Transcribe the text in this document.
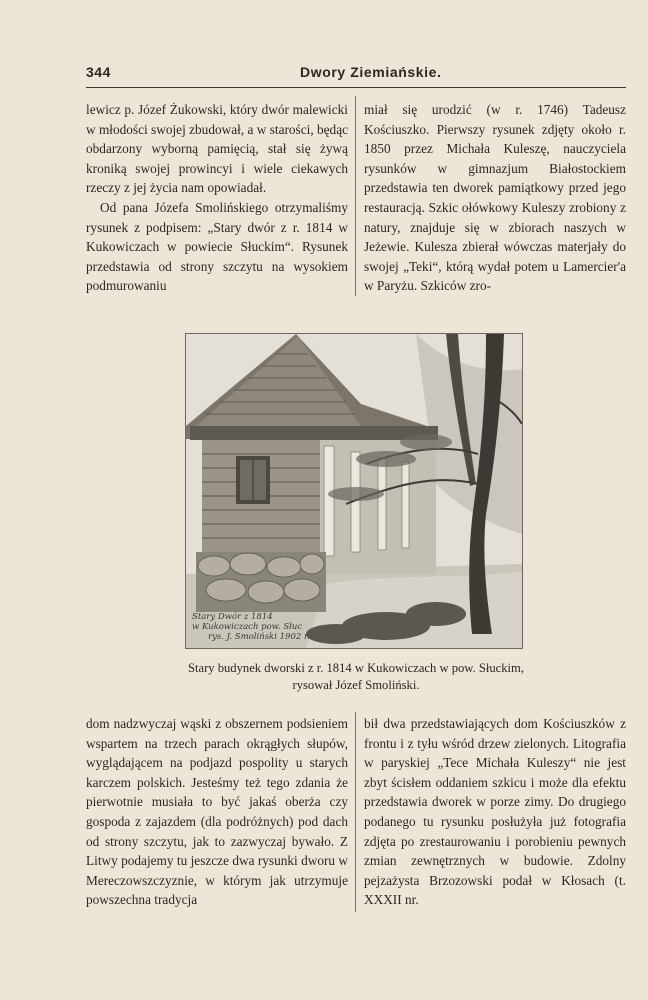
344	Dwory Ziemiańskie.

lewicz p. Józef Żukowski, który dwór malewicki w młodości swojej zbudował, a w starości, będąc obdarzony wyborną pamięcią, stał się żywą kroniką swojej prowincyi i wiele ciekawych rzeczy z jej życia nam opowiadał.

Od pana Józefa Smolińskiego otrzymaliśmy rysunek z podpisem: „Stary dwór z r. 1814 w Kukowiczach w powiecie Słuckim“. Rysunek przedstawia od strony szczytu na wysokiem podmurowaniu

miał się urodzić (w r. 1746) Tadeusz Kościuszko. Pierwszy rysunek zdjęty około r. 1850 przez Michała Kuleszę, nauczyciela rysunków w gimnazjum Białostockiem przedstawia ten dworek pamiątkowy przed jego restauracją. Szkic ołówkowy Kuleszy zrobiony z natury, znajduje się w zbiorach naszych w Jeżewie. Kulesza zbierał wówczas materjały do swojej „Teki“, którą wydał potem u Lamercier'a w Paryżu. Szkiców zro-

Stary Dwór z 1814
w Kukowiczach pow. Słuc
rys. J. Smoliński 1902 r.
Stary budynek dworski z r. 1814 w Kukowiczach w pow. Słuckim,
rysował Józef Smoliński.

dom nadzwyczaj wąski z obszernem podsieniem wspartem na trzech parach okrągłych słupów, wyglądającem na podjazd pospolity u starych karczem polskich. Jesteśmy też tego zdania że pierwotnie musiała to być jakaś oberża czy gospoda z zajazdem (dla podróżnych) pod dach od strony szczytu, jak to zazwyczaj bywało. Z Litwy podajemy tu jeszcze dwa rysunki dworu w Mereczowszczyznie, w którym jak utrzymuje powszechna tradycja

bił dwa przedstawiających dom Kościuszków z frontu i z tyłu wśród drzew zielonych. Litografia w paryskiej „Tece Michała Kuleszy“ nie jest zbyt ścisłem oddaniem szkicu i może dla efektu przedstawia dworek w porze zimy. Do drugiego podanego tu rysunku posłużyła już fotografia zdjęta po zrestaurowaniu i porobieniu pewnych zmian zewnętrznych w budowie. Zdolny pejzażysta Brzozowski podał w Kłosach (t. XXXII nr.
